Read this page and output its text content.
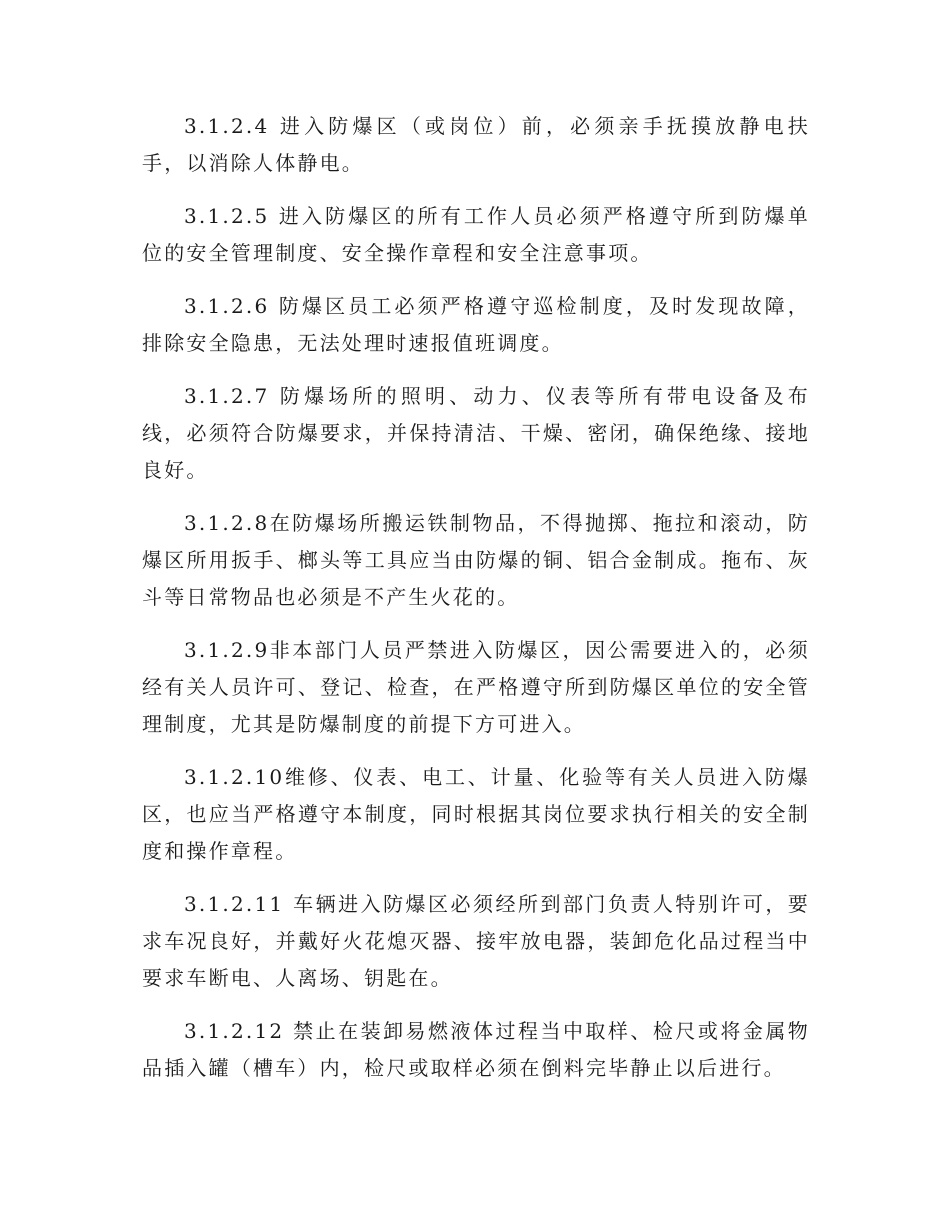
3.1.2.4 进入防爆区（或岗位）前，必须亲手抚摸放静电扶手，以消除人体静电。

3.1.2.5 进入防爆区的所有工作人员必须严格遵守所到防爆单位的安全管理制度、安全操作章程和安全注意事项。

3.1.2.6 防爆区员工必须严格遵守巡检制度，及时发现故障，排除安全隐患，无法处理时速报值班调度。

3.1.2.7 防爆场所的照明、动力、仪表等所有带电设备及布线，必须符合防爆要求，并保持清洁、干燥、密闭，确保绝缘、接地良好。

3.1.2.8在防爆场所搬运铁制物品，不得抛掷、拖拉和滚动，防爆区所用扳手、榔头等工具应当由防爆的铜、铝合金制成。拖布、灰斗等日常物品也必须是不产生火花的。

3.1.2.9非本部门人员严禁进入防爆区，因公需要进入的，必须经有关人员许可、登记、检查，在严格遵守所到防爆区单位的安全管理制度，尤其是防爆制度的前提下方可进入。

3.1.2.10维修、仪表、电工、计量、化验等有关人员进入防爆区，也应当严格遵守本制度，同时根据其岗位要求执行相关的安全制度和操作章程。

3.1.2.11 车辆进入防爆区必须经所到部门负责人特别许可，要求车况良好，并戴好火花熄灭器、接牢放电器，装卸危化品过程当中要求车断电、人离场、钥匙在。

3.1.2.12 禁止在装卸易燃液体过程当中取样、检尺或将金属物品插入罐（槽车）内，检尺或取样必须在倒料完毕静止以后进行。
